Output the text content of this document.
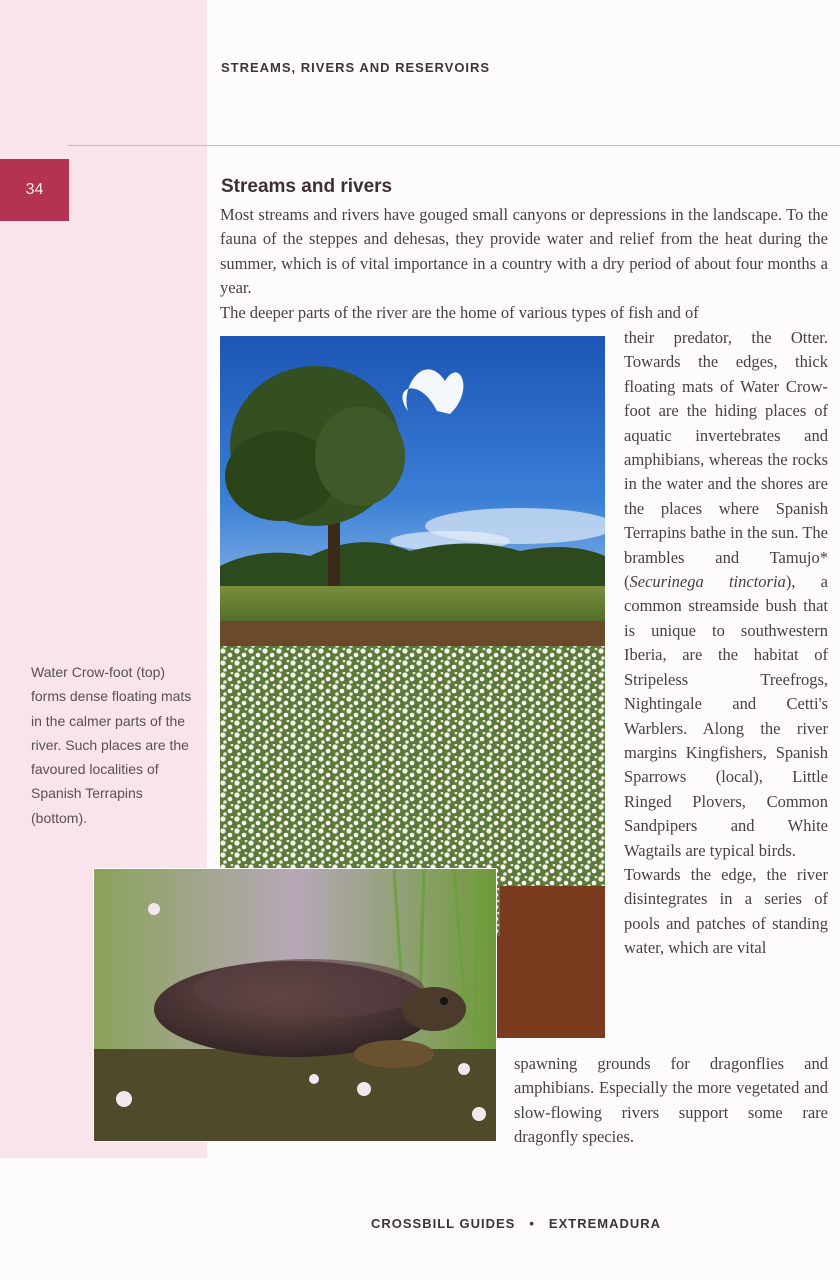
STREAMS, RIVERS AND RESERVOIRS
34	Streams and rivers

Most streams and rivers have gouged small canyons or depressions in the landscape. To the fauna of the steppes and dehesas, they provide water and relief from the heat during the summer, which is of vital importance in a country with a dry period of about four months a year.

The deeper parts of the river are the home of various types of fish and of

Water Crow-foot (top) forms dense floating mats in the calmer parts of the river. Such places are the favoured localities of Spanish Terrapins (bottom).

their predator, the Otter. Towards the edges, thick floating mats of Water Crow-foot are the hiding places of aquatic invertebrates and amphibians, whereas the rocks in the water and the shores are the places where Spanish Terrapins bathe in the sun. The brambles and Tamujo* (Securinega tinctoria), a common streamside bush that is unique to southwestern Iberia, are the habitat of Stripeless Treefrogs, Nightingale and Cetti's Warblers. Along the river margins Kingfishers, Spanish Sparrows (local), Little Ringed Plovers, Common Sandpipers and White Wagtails are typical birds.

Towards the edge, the river disintegrates in a series of pools and patches of standing water, which are vital

spawning grounds for dragonflies and amphibians. Especially the more vegetated and slow-flowing rivers support some rare dragonfly species.

CROSSBILL GUIDES • EXTREMADURA
